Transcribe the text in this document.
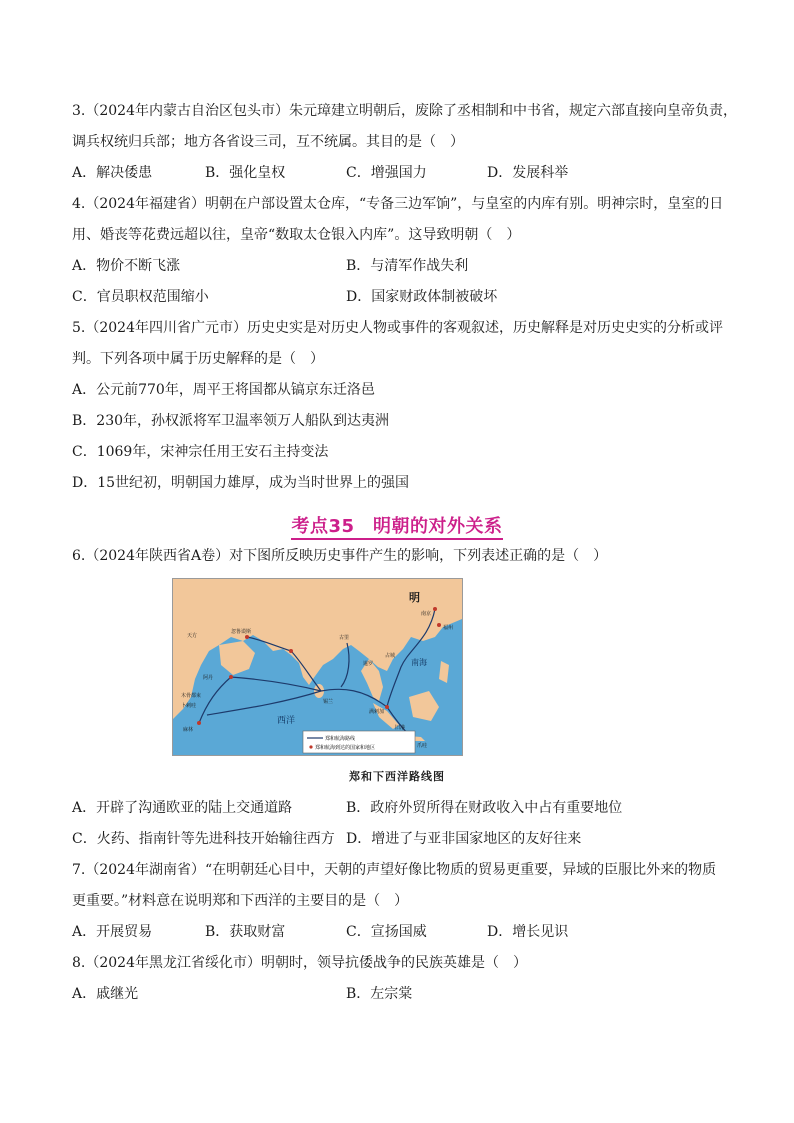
3.（2024年内蒙古自治区包头市）朱元璋建立明朝后，废除了丞相制和中书省，规定六部直接向皇帝负责，
调兵权统归兵部；地方各省设三司，互不统属。其目的是（　）
A．解决倭患	B．强化皇权	C．增强国力	D．发展科举
4.（2024年福建省）明朝在户部设置太仓库，“专备三边军饷”，与皇室的内库有别。明神宗时，皇室的日
用、婚丧等花费远超以往，皇帝“数取太仓银入内库”。这导致明朝（　）
A．物价不断飞涨	B．与清军作战失利
C．官员职权范围缩小	D．国家财政体制被破坏
5.（2024年四川省广元市）历史史实是对历史人物或事件的客观叙述，历史解释是对历史史实的分析或评
判。下列各项中属于历史解释的是（　）
A．公元前770年，周平王将国都从镐京东迁洛邑
B．230年，孙权派将军卫温率领万人船队到达夷洲
C．1069年，宋神宗任用王安石主持变法
D．15世纪初，明朝国力雄厚，成为当时世界上的强国
考点35　明朝的对外关系
6.（2024年陕西省A卷）对下图所反映历史事件产生的影响，下列表述正确的是（　）
明
南京
福州
南海
西洋
古里
忽鲁谟斯
天方
阿丹
木骨都束
麻林
卜剌哇
占城
暹罗
满剌加
爪哇
旧港
锡兰
郑和航海路线
郑和航海到达的国家和地区
郑和下西洋路线图
A．开辟了沟通欧亚的陆上交通道路	B．政府外贸所得在财政收入中占有重要地位
C．火药、指南针等先进科技开始输往西方 D．增进了与亚非国家地区的友好往来
7.（2024年湖南省）“在明朝廷心目中，天朝的声望好像比物质的贸易更重要，异域的臣服比外来的物质
更重要。”材料意在说明郑和下西洋的主要目的是（　）
A．开展贸易	B．获取财富	C．宣扬国威	D．增长见识
8.（2024年黑龙江省绥化市）明朝时，领导抗倭战争的民族英雄是（　）
A．戚继光	B．左宗棠
